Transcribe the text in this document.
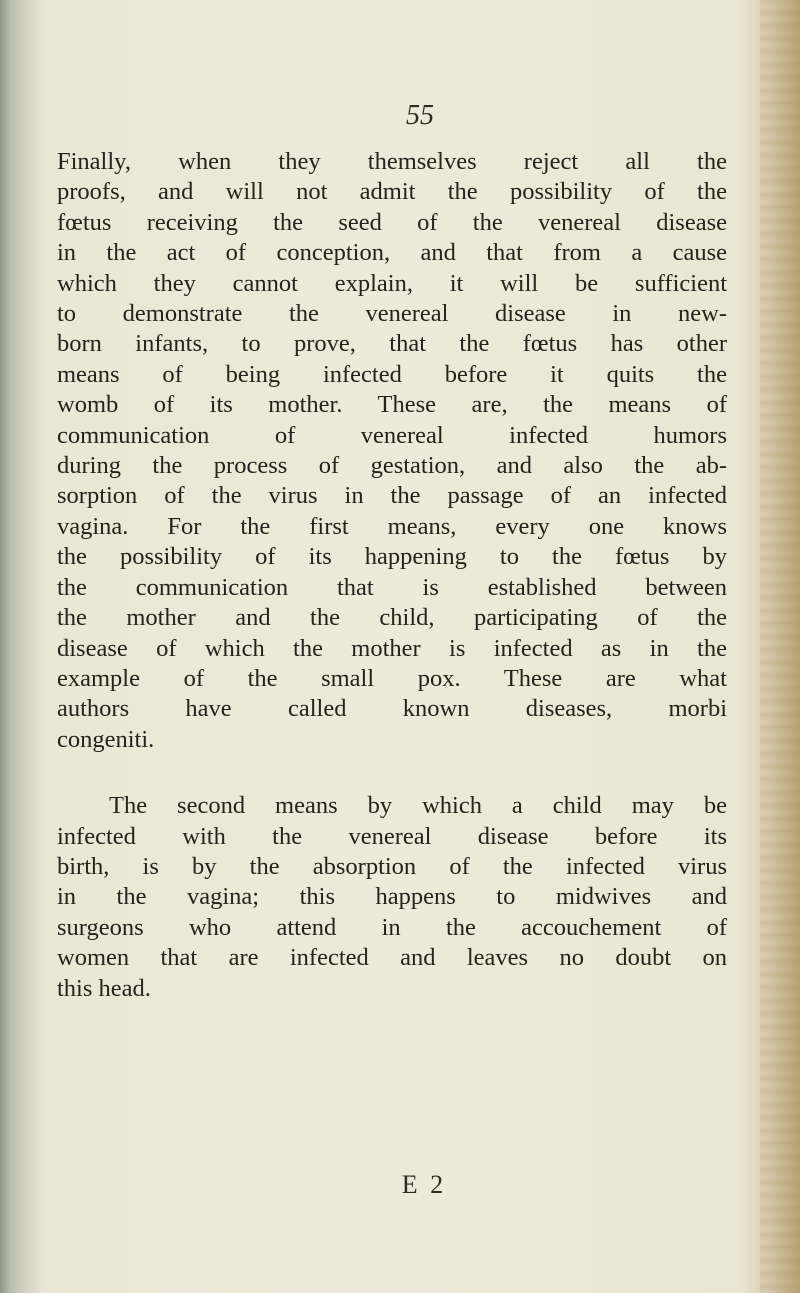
55
Finally, when they themselves reject all the
proofs, and will not admit the possibility of the
fœtus receiving the seed of the venereal disease
in the act of conception, and that from a cause
which they cannot explain, it will be sufficient
to demonstrate the venereal disease in new-
born infants, to prove, that the fœtus has other
means of being infected before it quits the
womb of its mother. These are, the means of
communication of venereal infected humors
during the process of gestation, and also the ab-
sorption of the virus in the passage of an infected
vagina. For the first means, every one knows
the possibility of its happening to the fœtus by
the communication that is established between
the mother and the child, participating of the
disease of which the mother is infected as in the
example of the small pox. These are what
authors have called known diseases, morbi
congeniti.
The second means by which a child may be
infected with the venereal disease before its
birth, is by the absorption of the infected virus
in the vagina; this happens to midwives and
surgeons who attend in the accouchement of
women that are infected and leaves no doubt on
this head.
E 2
